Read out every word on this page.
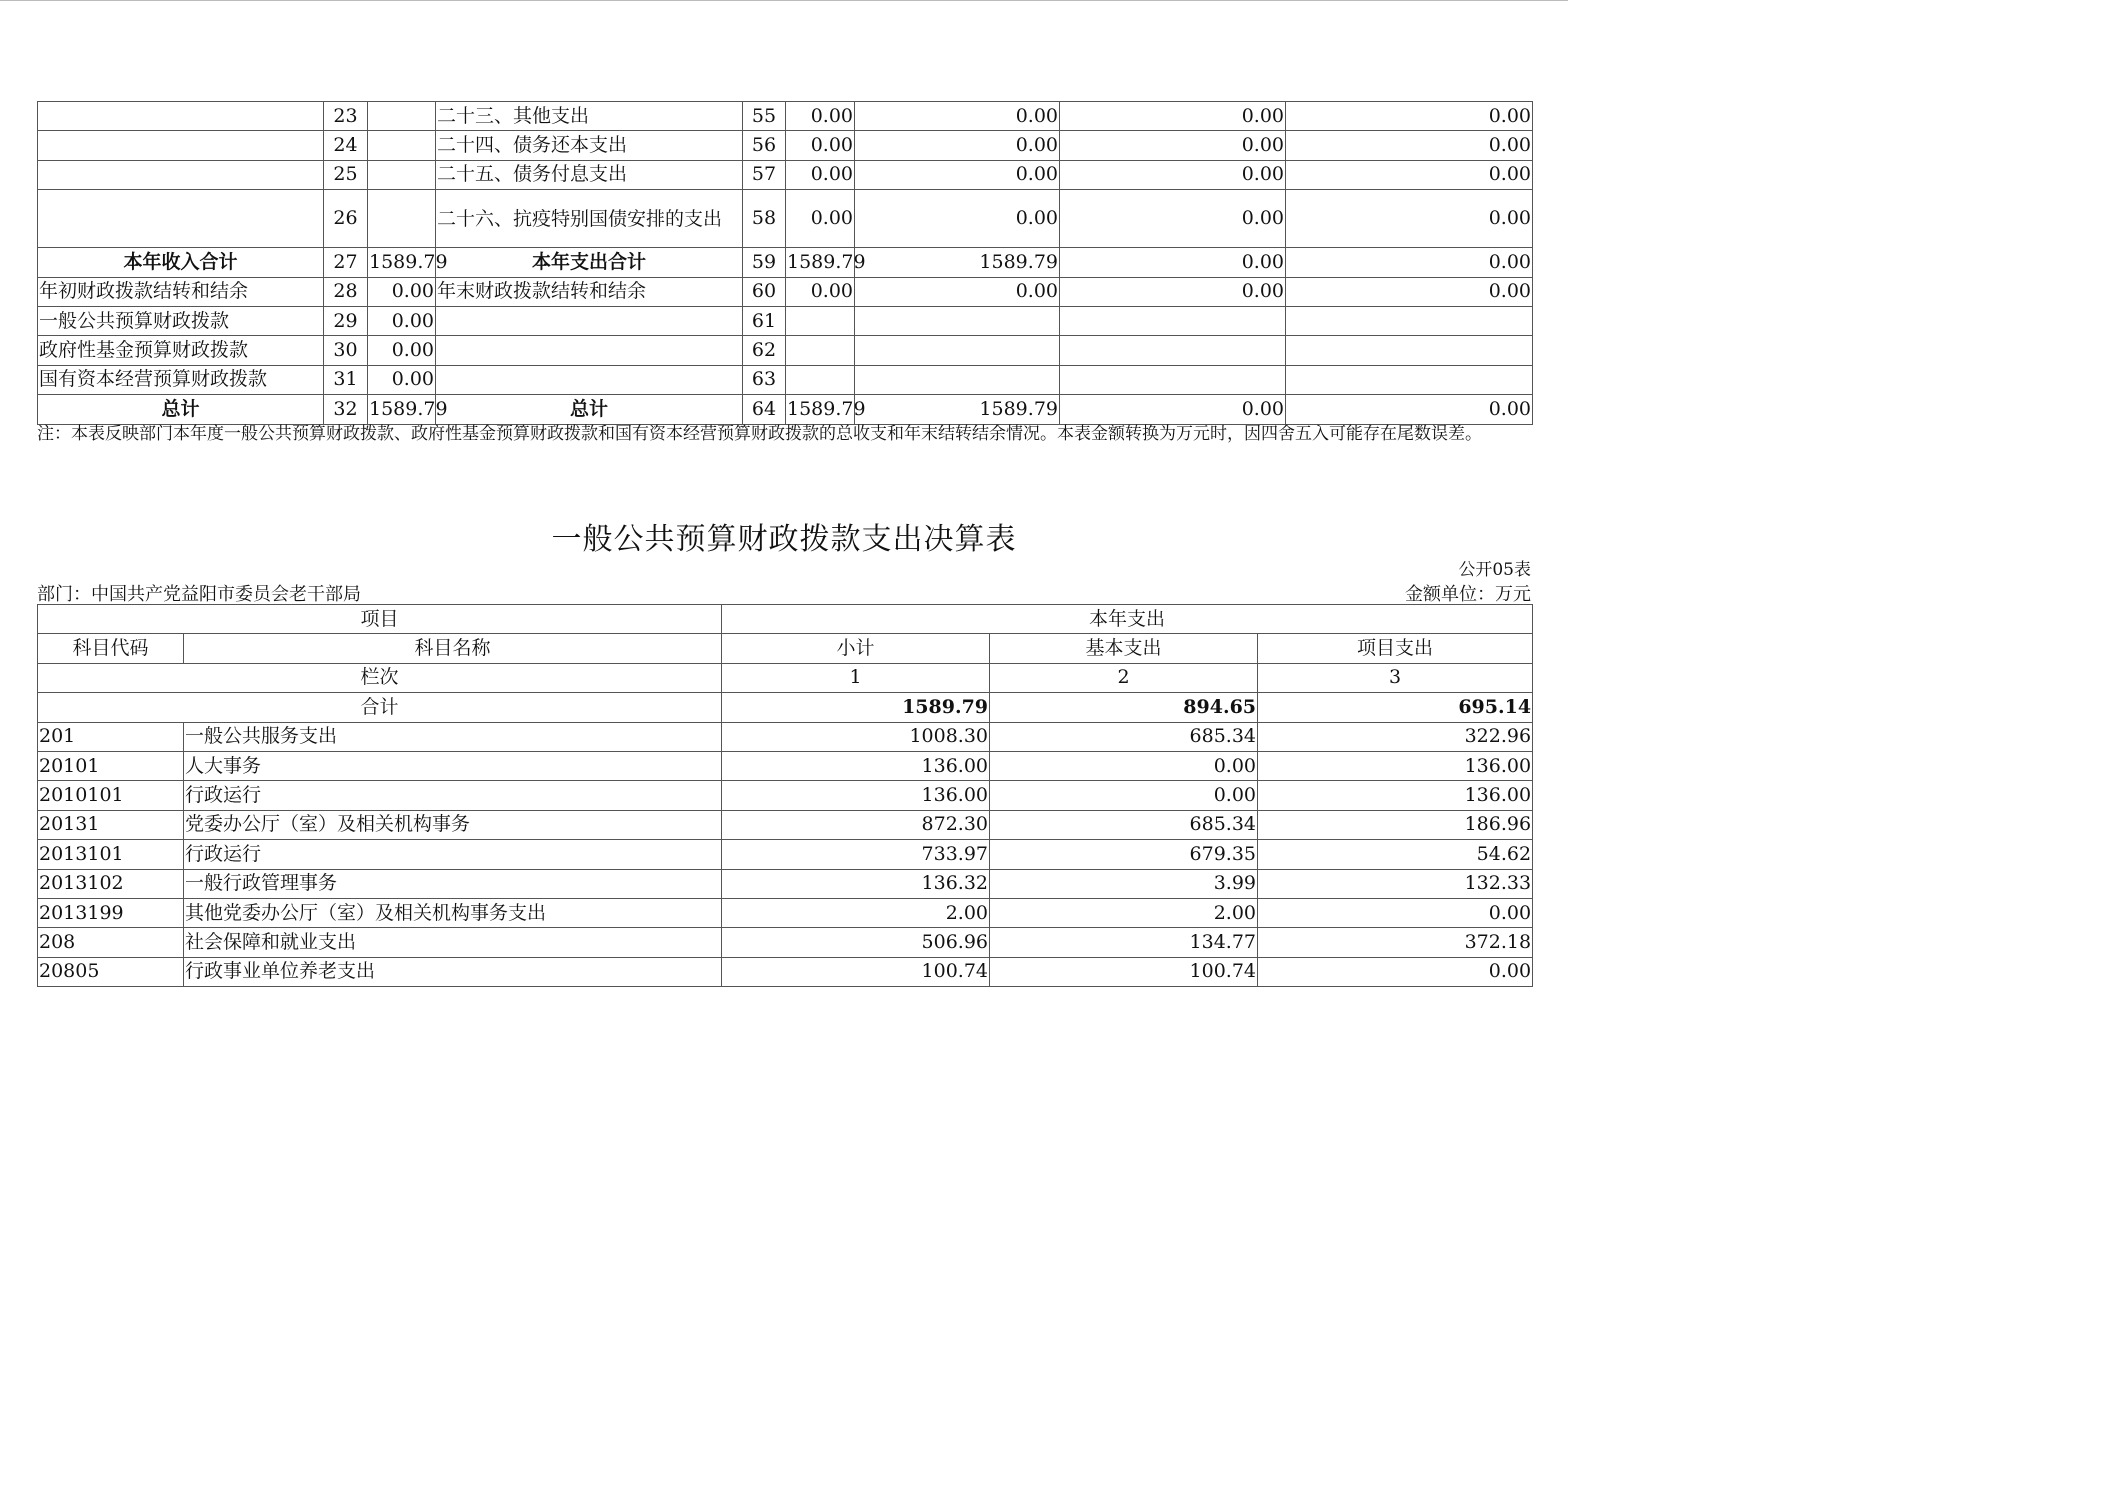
	23		二十三、其他支出	55	0.00	0.00	0.00	0.00
	24		二十四、债务还本支出	56	0.00	0.00	0.00	0.00
	25		二十五、债务付息支出	57	0.00	0.00	0.00	0.00
	26		二十六、抗疫特别国债安排的支出	58	0.00	0.00	0.00	0.00
本年收入合计	27	1589.79	本年支出合计	59	1589.79	1589.79	0.00	0.00
年初财政拨款结转和结余	28	0.00	年末财政拨款结转和结余	60	0.00	0.00	0.00	0.00
一般公共预算财政拨款	29	0.00		61				
政府性基金预算财政拨款	30	0.00		62				
国有资本经营预算财政拨款	31	0.00		63				
总计	32	1589.79	总计	64	1589.79	1589.79	0.00	0.00
注：本表反映部门本年度一般公共预算财政拨款、政府性基金预算财政拨款和国有资本经营预算财政拨款的总收支和年末结转结余情况。本表金额转换为万元时，因四舍五入可能存在尾数误差。
一般公共预算财政拨款支出决算表
公开05表
部门：中国共产党益阳市委员会老干部局	金额单位：万元
项目		本年支出		
科目代码	科目名称	小计	基本支出	项目支出
栏次		1	2	3
合计		1589.79	894.65	695.14
201	一般公共服务支出	1008.30	685.34	322.96
20101	人大事务	136.00	0.00	136.00
2010101	行政运行	136.00	0.00	136.00
20131	党委办公厅（室）及相关机构事务	872.30	685.34	186.96
2013101	行政运行	733.97	679.35	54.62
2013102	一般行政管理事务	136.32	3.99	132.33
2013199	其他党委办公厅（室）及相关机构事务支出	2.00	2.00	0.00
208	社会保障和就业支出	506.96	134.77	372.18
20805	行政事业单位养老支出	100.74	100.74	0.00
